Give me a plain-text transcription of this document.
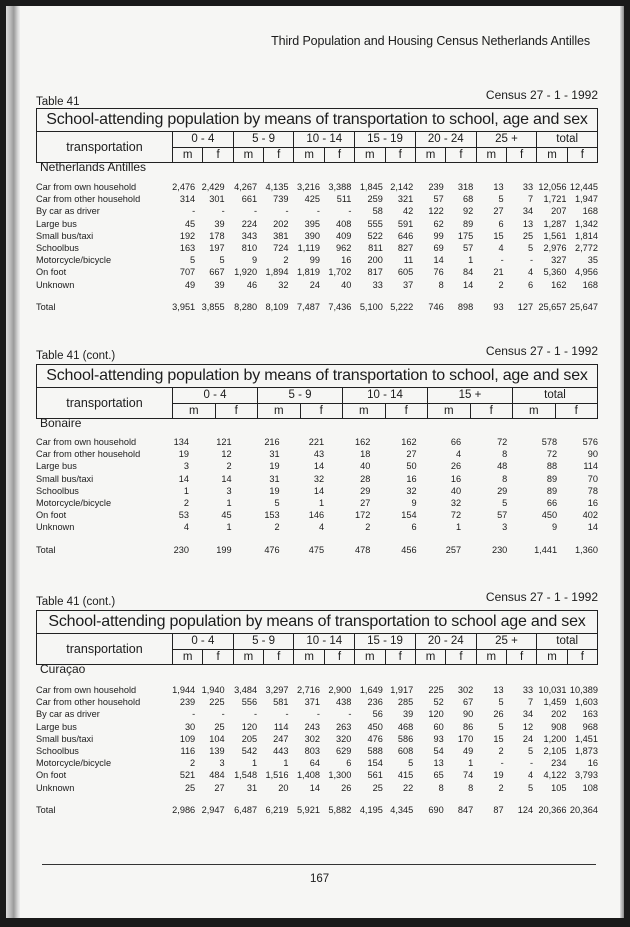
Third Population and Housing Census Netherlands Antilles
Table 41	Census 27 - 1 - 1992
School-attending population by means of transportation to school, age and sex
transportation
0 - 4
m	f
5 - 9
m	f
10 - 14
m	f
15 - 19
m	f
20 - 24
m	f
25 +
m	f
total
m	f
Netherlands Antilles
Car from own household	2,476 2,429	4,267 4,135 3,216 3,388 1,845 2,142	239	318	13	33 12,056 12,445
Car from other household	314	301	661	739	425	511	259	321	57	68	5	7	1,721 1,947
By car as driver	-	-	-	-	-	-	58	42	122	92	27	34	207	168
Large bus	45	39	224	202	395	408	555	591	62	89	6	13	1,287 1,342
Small bus/taxi	192	178	343	381	390	409	522	646	99	175	15	25	1,561 1,814
Schoolbus	163	197	810	724 1,119	962	811	827	69	57	4	5	2,976 2,772
Motorcycle/bicycle	5	5	9	2	99	16	200	11	14	1	-	-	327	35
On foot	707	667	1,920 1,894 1,819 1,702	817	605	76	84	21	4	5,360 4,956
Unknown	49	39	46	32	24	40	33	37	8	14	2	6	162	168
Total	3,951 3,855	8,280 8,109 7,487 7,436 5,100 5,222	746	898	93	127 25,657 25,647
Table 41 (cont.)	Census 27 - 1 - 1992
School-attending population by means of transportation to school, age and sex
transportation
0 - 4
m	f
5 - 9
m	f
10 - 14
m	f
15 +
m	f
total
m	f
Bonaire
Car from own household	134	121	216	221	162	162	66	72	578	576
Car from other household	19	12	31	43	18	27	4	8	72	90
Large bus	3	2	19	14	40	50	26	48	88	114
Small bus/taxi	14	14	31	32	28	16	16	8	89	70
Schoolbus	1	3	19	14	29	32	40	29	89	78
Motorcycle/bicycle	2	1	5	1	27	9	32	5	66	16
On foot	53	45	153	146	172	154	72	57	450	402
Unknown	4	1	2	4	2	6	1	3	9	14
Total	230	199	476	475	478	456	257	230	1,441	1,360
Table 41 (cont.)	Census 27 - 1 - 1992
School-attending population by means of transportation to school age and sex
transportation
0 - 4
m	f
5 - 9
m	f
10 - 14
m	f
15 - 19
m	f
20 - 24
m	f
25 +
m	f
total
m	f
Curaçao
Car from own household	1,944 1,940	3,484 3,297 2,716 2,900 1,649 1,917	225	302	13	33 10,031 10,389
Car from other household	239	225	556	581	371	438	236	285	52	67	5	7	1,459 1,603
By car as driver	-	-	-	-	-	-	56	39	120	90	26	34	202	163
Large bus	30	25	120	114	243	263	450	468	60	86	5	12	908	968
Small bus/taxi	109	104	205	247	302	320	476	586	93	170	15	24	1,200 1,451
Schoolbus	116	139	542	443	803	629	588	608	54	49	2	5	2,105 1,873
Motorcycle/bicycle	2	3	1	1	64	6	154	5	13	1	-	-	234	16
On foot	521	484	1,548 1,516 1,408 1,300	561	415	65	74	19	4	4,122 3,793
Unknown	25	27	31	20	14	26	25	22	8	8	2	5	105	108
Total	2,986 2,947	6,487 6,219 5,921 5,882 4,195 4,345	690	847	87	124 20,366 20,364
167
